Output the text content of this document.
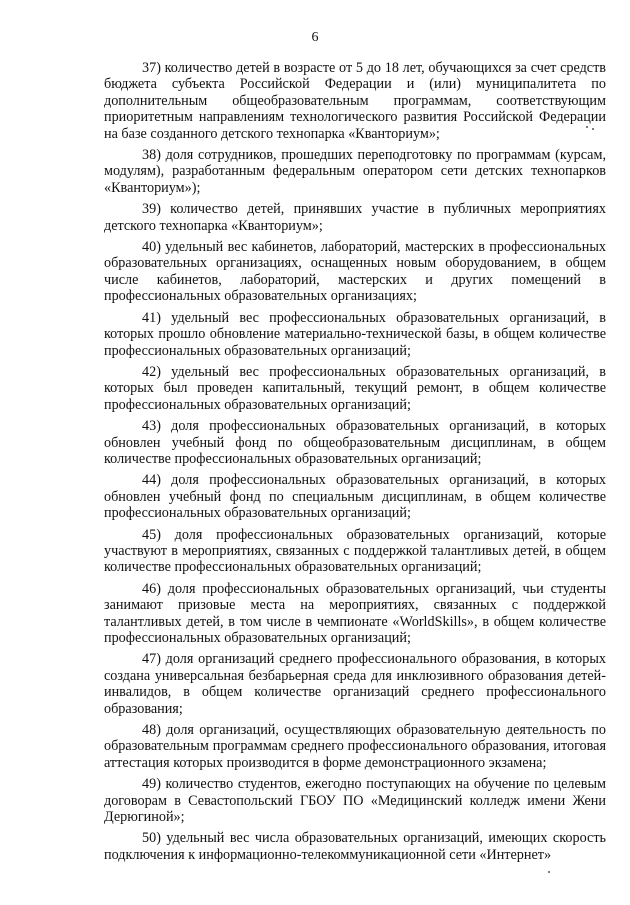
6

37) количество детей в возрасте от 5 до 18 лет, обучающихся за счет средств бюджета субъекта Российской Федерации и (или) муниципалитета по дополнительным общеобразовательным программам, соответствующим приоритетным направлениям технологического развития Российской Федерации на базе созданного детского технопарка «Кванториум»;

38) доля сотрудников, прошедших переподготовку по программам (курсам, модулям), разработанным федеральным оператором сети детских технопарков «Кванториум»);

39) количество детей, принявших участие в публичных мероприятиях детского технопарка «Кванториум»;

40) удельный вес кабинетов, лабораторий, мастерских в профессиональных образовательных организациях, оснащенных новым оборудованием, в общем числе кабинетов, лабораторий, мастерских и других помещений в профессиональных образовательных организациях;

41) удельный вес профессиональных образовательных организаций, в которых прошло обновление материально-технической базы, в общем количестве профессиональных образовательных организаций;

42) удельный вес профессиональных образовательных организаций, в которых был проведен капитальный, текущий ремонт, в общем количестве профессиональных образовательных организаций;

43) доля профессиональных образовательных организаций, в которых обновлен учебный фонд по общеобразовательным дисциплинам, в общем количестве профессиональных образовательных организаций;

44) доля профессиональных образовательных организаций, в которых обновлен учебный фонд по специальным дисциплинам, в общем количестве профессиональных образовательных организаций;

45) доля профессиональных образовательных организаций, которые участвуют в мероприятиях, связанных с поддержкой талантливых детей, в общем количестве профессиональных образовательных организаций;

46) доля профессиональных образовательных организаций, чьи студенты занимают призовые места на мероприятиях, связанных с поддержкой талантливых детей, в том числе в чемпионате «WorldSkills», в общем количестве профессиональных образовательных организаций;

47) доля организаций среднего профессионального образования, в которых создана универсальная безбарьерная среда для инклюзивного образования детей-инвалидов, в общем количестве организаций среднего профессионального образования;

48) доля организаций, осуществляющих образовательную деятельность по образовательным программам среднего профессионального образования, итоговая аттестация которых производится в форме демонстрационного экзамена;

49) количество студентов, ежегодно поступающих на обучение по целевым договорам в Севастопольский ГБОУ ПО «Медицинский колледж имени Жени Дерюгиной»;

50) удельный вес числа образовательных организаций, имеющих скорость подключения к информационно-телекоммуникационной сети «Интернет»
